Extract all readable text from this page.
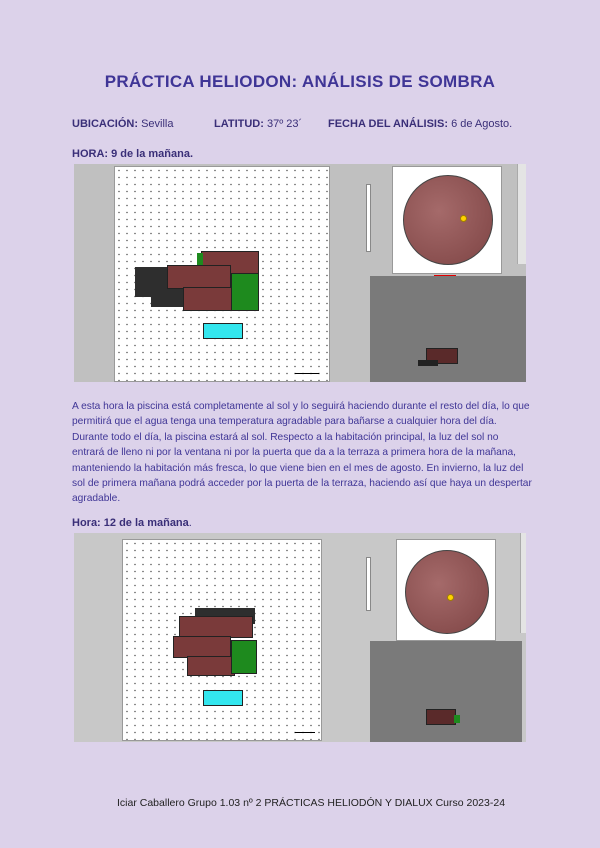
PRÁCTICA HELIODON: ANÁLISIS DE SOMBRA
UBICACIÓN: Sevilla	LATITUD: 37º 23´ FECHA DEL ANÁLISIS: 6 de Agosto.
HORA: 9 de la mañana.
A esta hora la piscina está completamente al sol y lo seguirá haciendo durante el resto del día, lo que permitirá que el agua tenga una temperatura agradable para bañarse a cualquier hora del día. Durante todo el día, la piscina estará al sol. Respecto a la habitación principal, la luz del sol no entrará de lleno ni por la ventana ni por la puerta que da a la terraza a primera hora de la mañana, manteniendo la habitación más fresca, lo que viene bien en el mes de agosto. En invierno, la luz del sol de primera mañana podrá acceder por la puerta de la terraza, haciendo así que haya un despertar agradable.
Hora: 12 de la mañana.
Iciar Caballero Grupo 1.03 nº 2 PRÁCTICAS HELIODÓN Y DIALUX Curso 2023-24
